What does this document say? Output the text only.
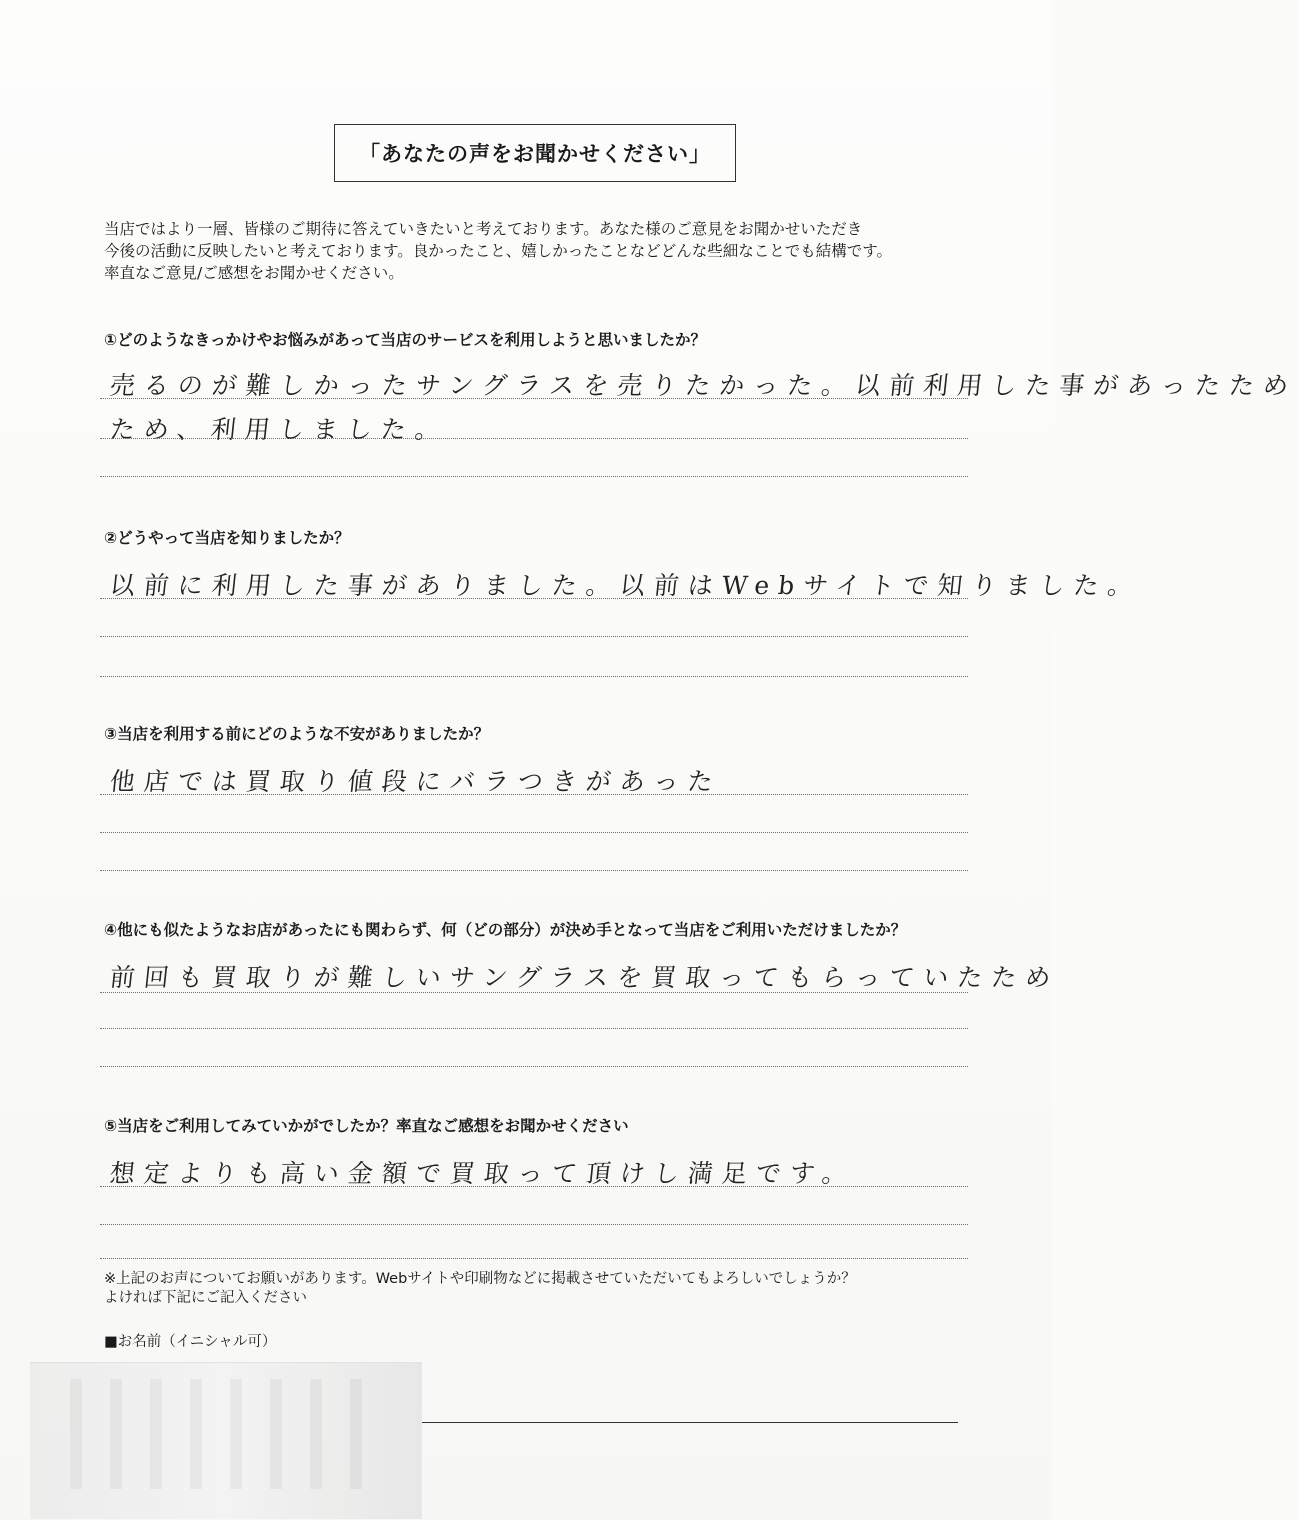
「あなたの声をお聞かせください」
当店ではより一層、皆様のご期待に答えていきたいと考えております。あなた様のご意見をお聞かせいただき
今後の活動に反映したいと考えております。良かったこと、嬉しかったことなどどんな些細なことでも結構です。
率直なご意見/ご感想をお聞かせください。
①どのようなきっかけやお悩みがあって当店のサービスを利用しようと思いましたか？
売るのが難しかったサングラスを売りたかった。以前利用した事があったため
ため、利用しました。
②どうやって当店を知りましたか？
以前に利用した事がありました。以前はWebサイトで知りました。
③当店を利用する前にどのような不安がありましたか？
他店では買取り値段にバラつきがあった
④他にも似たようなお店があったにも関わらず、何（どの部分）が決め手となって当店をご利用いただけましたか？
前回も買取りが難しいサングラスを買取ってもらっていたため
⑤当店をご利用してみていかがでしたか？率直なご感想をお聞かせください
想定よりも高い金額で買取って頂けし満足です。
※上記のお声についてお願いがあります。Webサイトや印刷物などに掲載させていただいてもよろしいでしょうか？
よければ下記にご記入ください
■お名前（イニシャル可）
